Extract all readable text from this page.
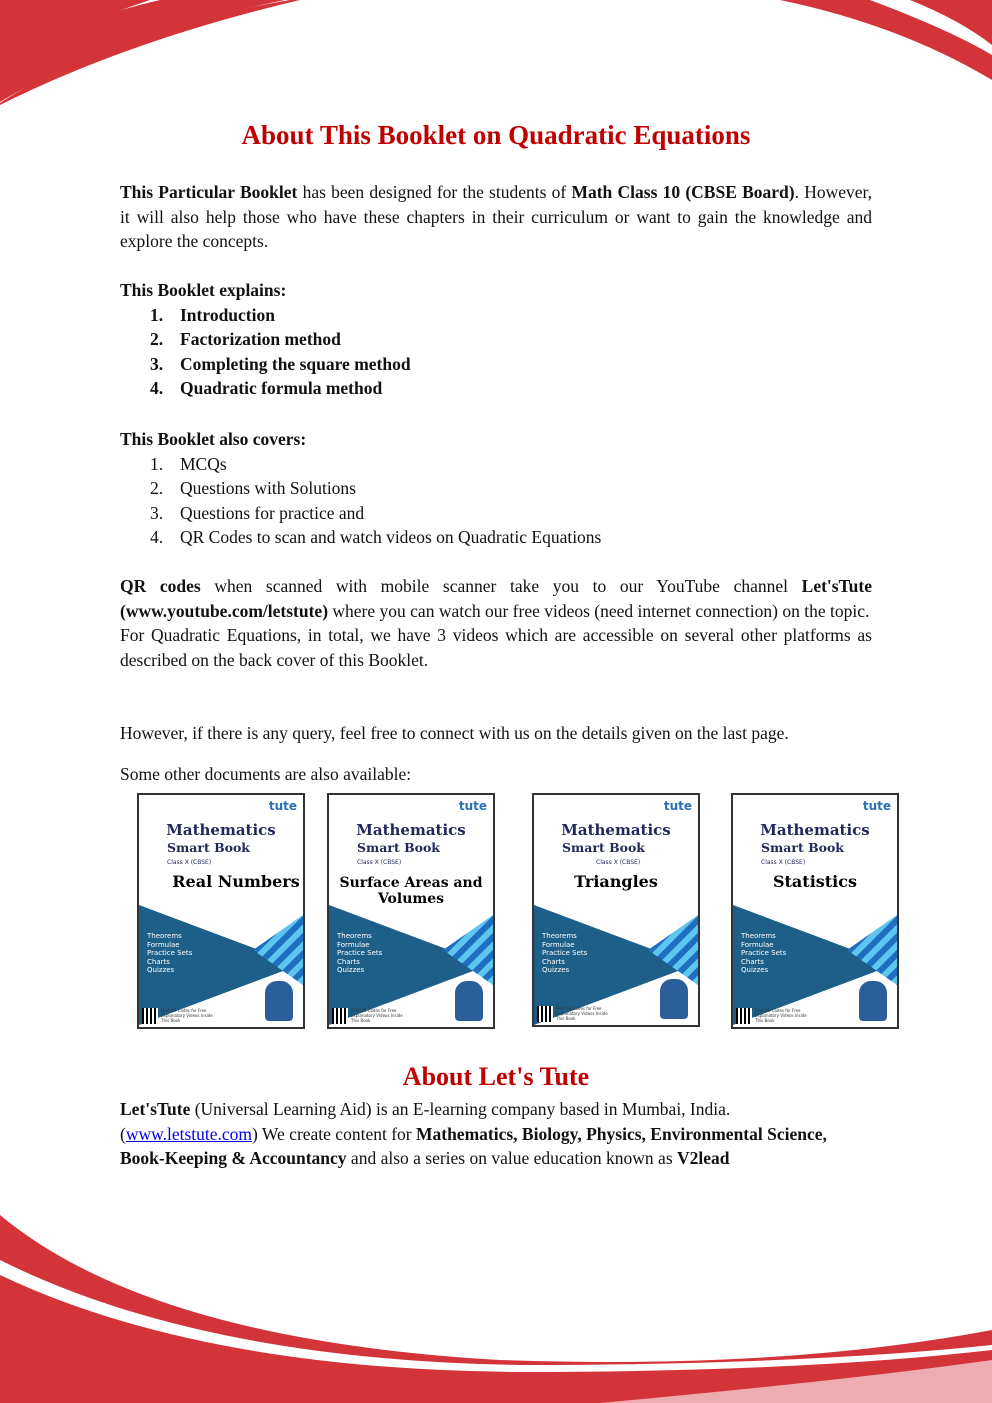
About This Booklet on Quadratic Equations

This Particular Booklet has been designed for the students of Math Class 10 (CBSE Board). However, it will also help those who have these chapters in their curriculum or want to gain the knowledge and explore the concepts.

This Booklet explains:
1. Introduction
2. Factorization method
3. Completing the square method
4. Quadratic formula method
This Booklet also covers:
1. MCQs
2. Questions with Solutions
3. Questions for practice and
4. QR Codes to scan and watch videos on Quadratic Equations

QR codes when scanned with mobile scanner take you to our YouTube channel Let'sTute (www.youtube.com/letstute) where you can watch our free videos (need internet connection) on the topic.

For Quadratic Equations, in total, we have 3 videos which are accessible on several other platforms as described on the back cover of this Booklet.

However, if there is any query, feel free to connect with us on the details given on the last page.
Some other documents are also available:
tute
Mathematics
Smart Book
Class X (CBSE)
Real Numbers
Theorems
Formulae
Practice Sets
Charts
Quizzes
Find QR Codes for Free Explanatory Videos Inside This Book
tute
Mathematics
Smart Book
Class X (CBSE)
Surface Areas and Volumes
Theorems
Formulae
Practice Sets
Charts
Quizzes
Find QR Codes for Free Explanatory Videos Inside This Book
tute
Mathematics
Smart Book
Class X (CBSE)
Triangles
Theorems
Formulae
Practice Sets
Charts
Quizzes
Find QR Codes for Free Explanatory Videos Inside This Book
tute
Mathematics
Smart Book
Class X (CBSE)
Statistics
Theorems
Formulae
Practice Sets
Charts
Quizzes
Find QR Codes for Free Explanatory Videos Inside This Book
About Let's Tute

Let'sTute (Universal Learning Aid) is an E-learning company based in Mumbai, India.
(www.letstute.com) We create content for Mathematics, Biology, Physics, Environmental Science, Book-Keeping & Accountancy and also a series on value education known as V2lead
